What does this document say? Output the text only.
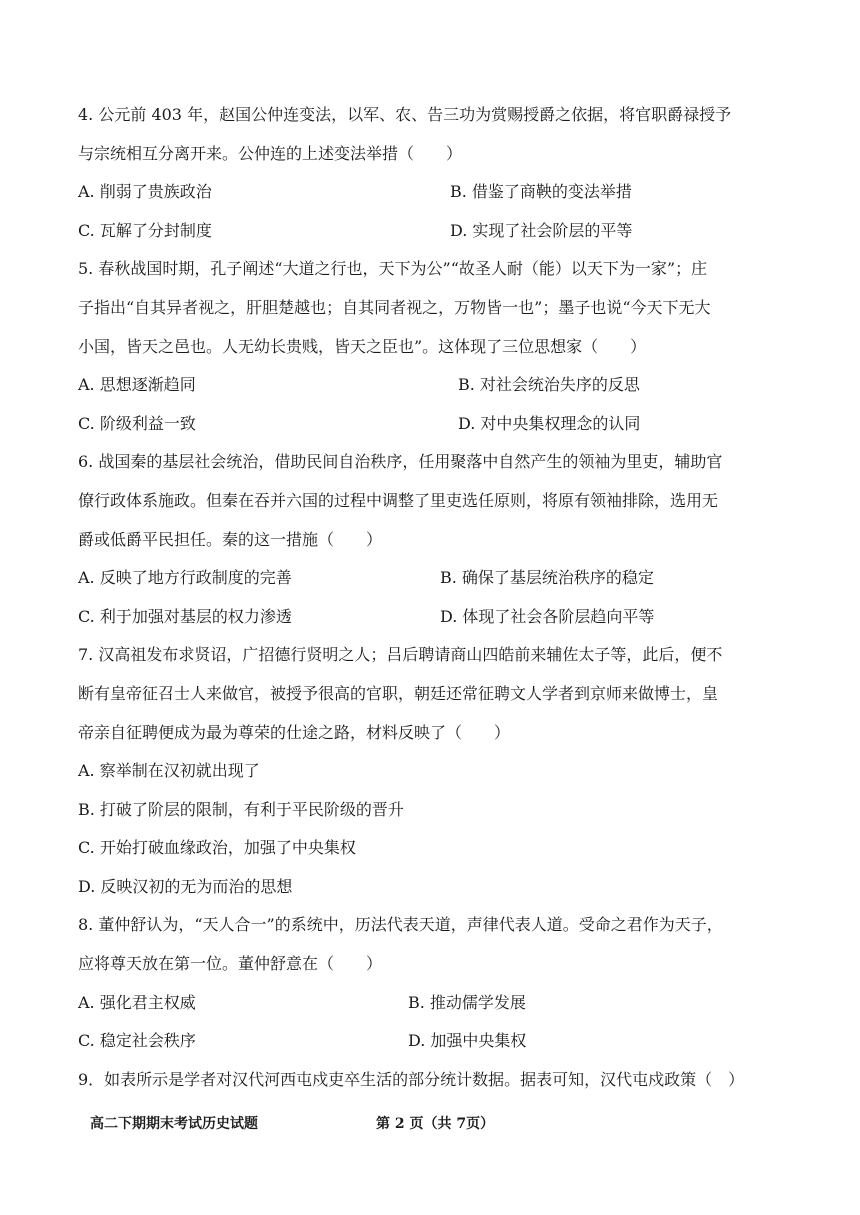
4. 公元前 403 年，赵国公仲连变法，以军、农、告三功为赏赐授爵之依据，将官职爵禄授予
与宗统相互分离开来。公仲连的上述变法举措（　　）
A. 削弱了贵族政治	B. 借鉴了商鞅的变法举措
C. 瓦解了分封制度	D. 实现了社会阶层的平等
5. 春秋战国时期，孔子阐述“大道之行也，天下为公”“故圣人耐（能）以天下为一家”；庄
子指出“自其异者视之，肝胆楚越也；自其同者视之，万物皆一也”；墨子也说“今天下无大
小国，皆天之邑也。人无幼长贵贱，皆天之臣也”。这体现了三位思想家（　　）
A. 思想逐渐趋同	B. 对社会统治失序的反思
C. 阶级利益一致	D. 对中央集权理念的认同
6. 战国秦的基层社会统治，借助民间自治秩序，任用聚落中自然产生的领袖为里吏，辅助官
僚行政体系施政。但秦在吞并六国的过程中调整了里吏选任原则，将原有领袖排除，选用无
爵或低爵平民担任。秦的这一措施（　　）
A. 反映了地方行政制度的完善	B. 确保了基层统治秩序的稳定
C. 利于加强对基层的权力渗透	D. 体现了社会各阶层趋向平等
7. 汉高祖发布求贤诏，广招德行贤明之人；吕后聘请商山四皓前来辅佐太子等，此后，便不
断有皇帝征召士人来做官，被授予很高的官职，朝廷还常征聘文人学者到京师来做博士，皇
帝亲自征聘便成为最为尊荣的仕途之路，材料反映了（　　）
A. 察举制在汉初就出现了
B. 打破了阶层的限制，有利于平民阶级的晋升
C. 开始打破血缘政治，加强了中央集权
D. 反映汉初的无为而治的思想
8. 董仲舒认为，“天人合一”的系统中，历法代表天道，声律代表人道。受命之君作为天子，
应将尊天放在第一位。董仲舒意在（　　）
A. 强化君主权威	B. 推动儒学发展
C. 稳定社会秩序	D. 加强中央集权
9．如表所示是学者对汉代河西屯戍吏卒生活的部分统计数据。据表可知，汉代屯戍政策（　）
高二下期期末考试历史试题	第 2 页（共 7页）
